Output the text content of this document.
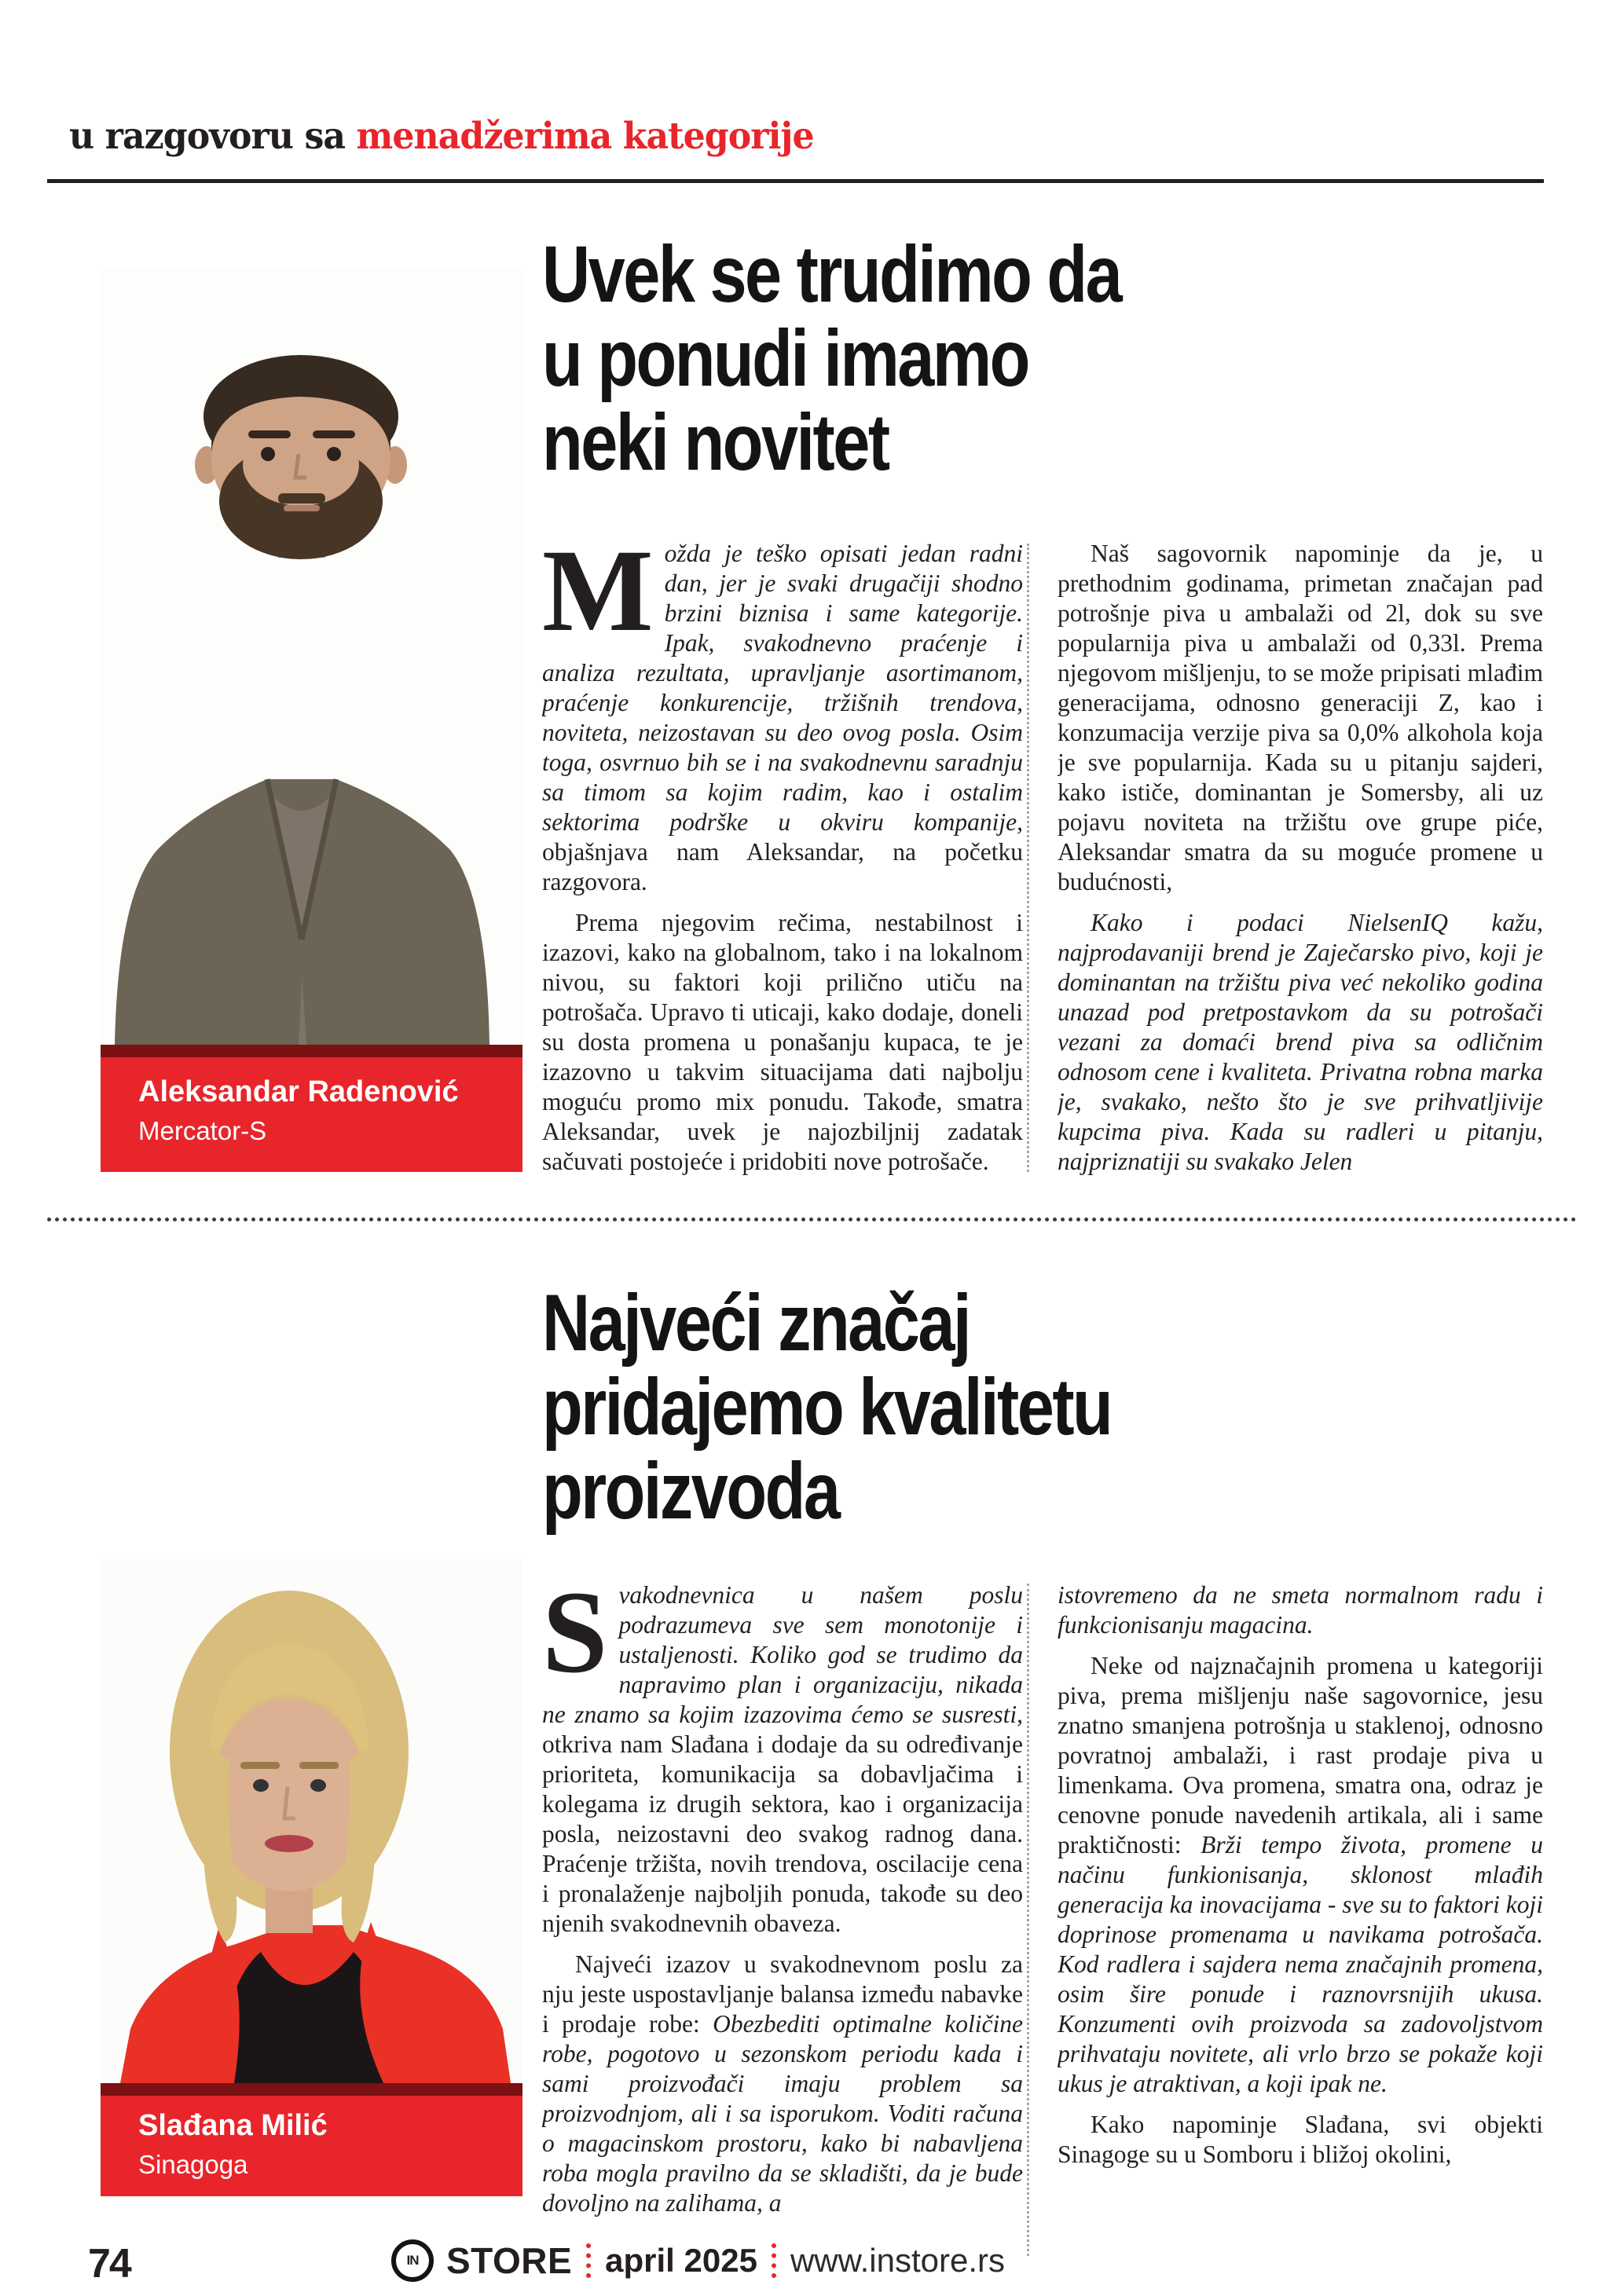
u razgovoru sa menadžerima kategorije
Uvek se trudimo da
u ponudi imamo
neki novitet
Aleksandar Radenović
Mercator-S

Možda je teško opisati jedan radni dan, jer je svaki drugačiji shodno brzini biznisa i same kategorije. Ipak, svakodnevno praćenje i analiza rezultata, upravljanje asortimanom, praćenje konkurencije, tržišnih trendova, noviteta, neizostavan su deo ovog posla. Osim toga, osvrnuo bih se i na svakodnevnu saradnju sa timom sa kojim radim, kao i ostalim sektorima podrške u okviru kompanije, objašnjava nam Aleksandar, na početku razgovora.

Prema njegovim rečima, nestabilnost i izazovi, kako na globalnom, tako i na lokalnom nivou, su faktori koji prilično utiču na potrošača. Upravo ti uticaji, kako dodaje, doneli su dosta promena u ponašanju kupaca, te je izazovno u takvim situacijama dati najbolju moguću promo mix ponudu. Takođe, smatra Aleksandar, uvek je najozbiljnij zadatak sačuvati postojeće i pridobiti nove potrošače.

Naš sagovornik napominje da je, u prethodnim godinama, primetan značajan pad potrošnje piva u ambalaži od 2l, dok su sve popularnija piva u ambalaži od 0,33l. Prema njegovom mišljenju, to se može pripisati mlađim generacijama, odnosno generaciji Z, kao i konzumacija verzije piva sa 0,0% alkohola koja je sve popularnija. Kada su u pitanju sajderi, kako ističe, dominantan je Somersby, ali uz pojavu noviteta na tržištu ove grupe piće, Aleksandar smatra da su moguće promene u budućnosti,

Kako i podaci NielsenIQ kažu, najprodavaniji brend je Zaječarsko pivo, koji je dominantan na tržištu piva već nekoliko godina unazad pod pretpostavkom da su potrošači vezani za domaći brend piva sa odličnim odnosom cene i kvaliteta. Privatna robna marka je, svakako, nešto što je sve prihvatljivije kupcima piva. Kada su radleri u pitanju, najpriznatiji su svakako Jelen

Najveći značaj
pridajemo kvalitetu
proizvoda
Slađana Milić
Sinagoga

Svakodnevnica u našem poslu podrazumeva sve sem monotonije i ustaljenosti. Koliko god se trudimo da napravimo plan i organizaciju, nikada ne znamo sa kojim izazovima ćemo se susresti, otkriva nam Slađana i dodaje da su određivanje prioriteta, komunikacija sa dobavljačima i kolegama iz drugih sektora, kao i organizacija posla, neizostavni deo svakog radnog dana. Praćenje tržišta, novih trendova, oscilacije cena i pronalaženje najboljih ponuda, takođe su deo njenih svakodnevnih obaveza.

Najveći izazov u svakodnevnom poslu za nju jeste uspostavljanje balansa između nabavke i prodaje robe: Obezbediti optimalne količine robe, pogotovo u sezonskom periodu kada i sami proizvođači imaju problem sa proizvodnjom, ali i sa isporukom. Voditi računa o magacinskom prostoru, kako bi nabavljena roba mogla pravilno da se skladišti, da je bude dovoljno na zalihama, a

istovremeno da ne smeta normalnom radu i funkcionisanju magacina.

Neke od najznačajnih promena u kategoriji piva, prema mišljenju naše sagovornice, jesu znatno smanjena potrošnja u staklenoj, odnosno povratnoj ambalaži, i rast prodaje piva u limenkama. Ova promena, smatra ona, odraz je cenovne ponude navedenih artikala, ali i same praktičnosti: Brži tempo života, promene u načinu funkionisanja, sklonost mlađih generacija ka inovacijama - sve su to faktori koji doprinose promenama u navikama potrošača. Kod radlera i sajdera nema značajnih promena, osim šire ponude i raznovrsnijih ukusa. Konzumenti ovih proizvoda sa zadovoljstvom prihvataju novitete, ali vrlo brzo se pokaže koji ukus je atraktivan, a koji ipak ne.

Kako napominje Slađana, svi objekti Sinagoge su u Somboru i bližoj okolini,

74	IN STORE april 2025 www.instore.rs
